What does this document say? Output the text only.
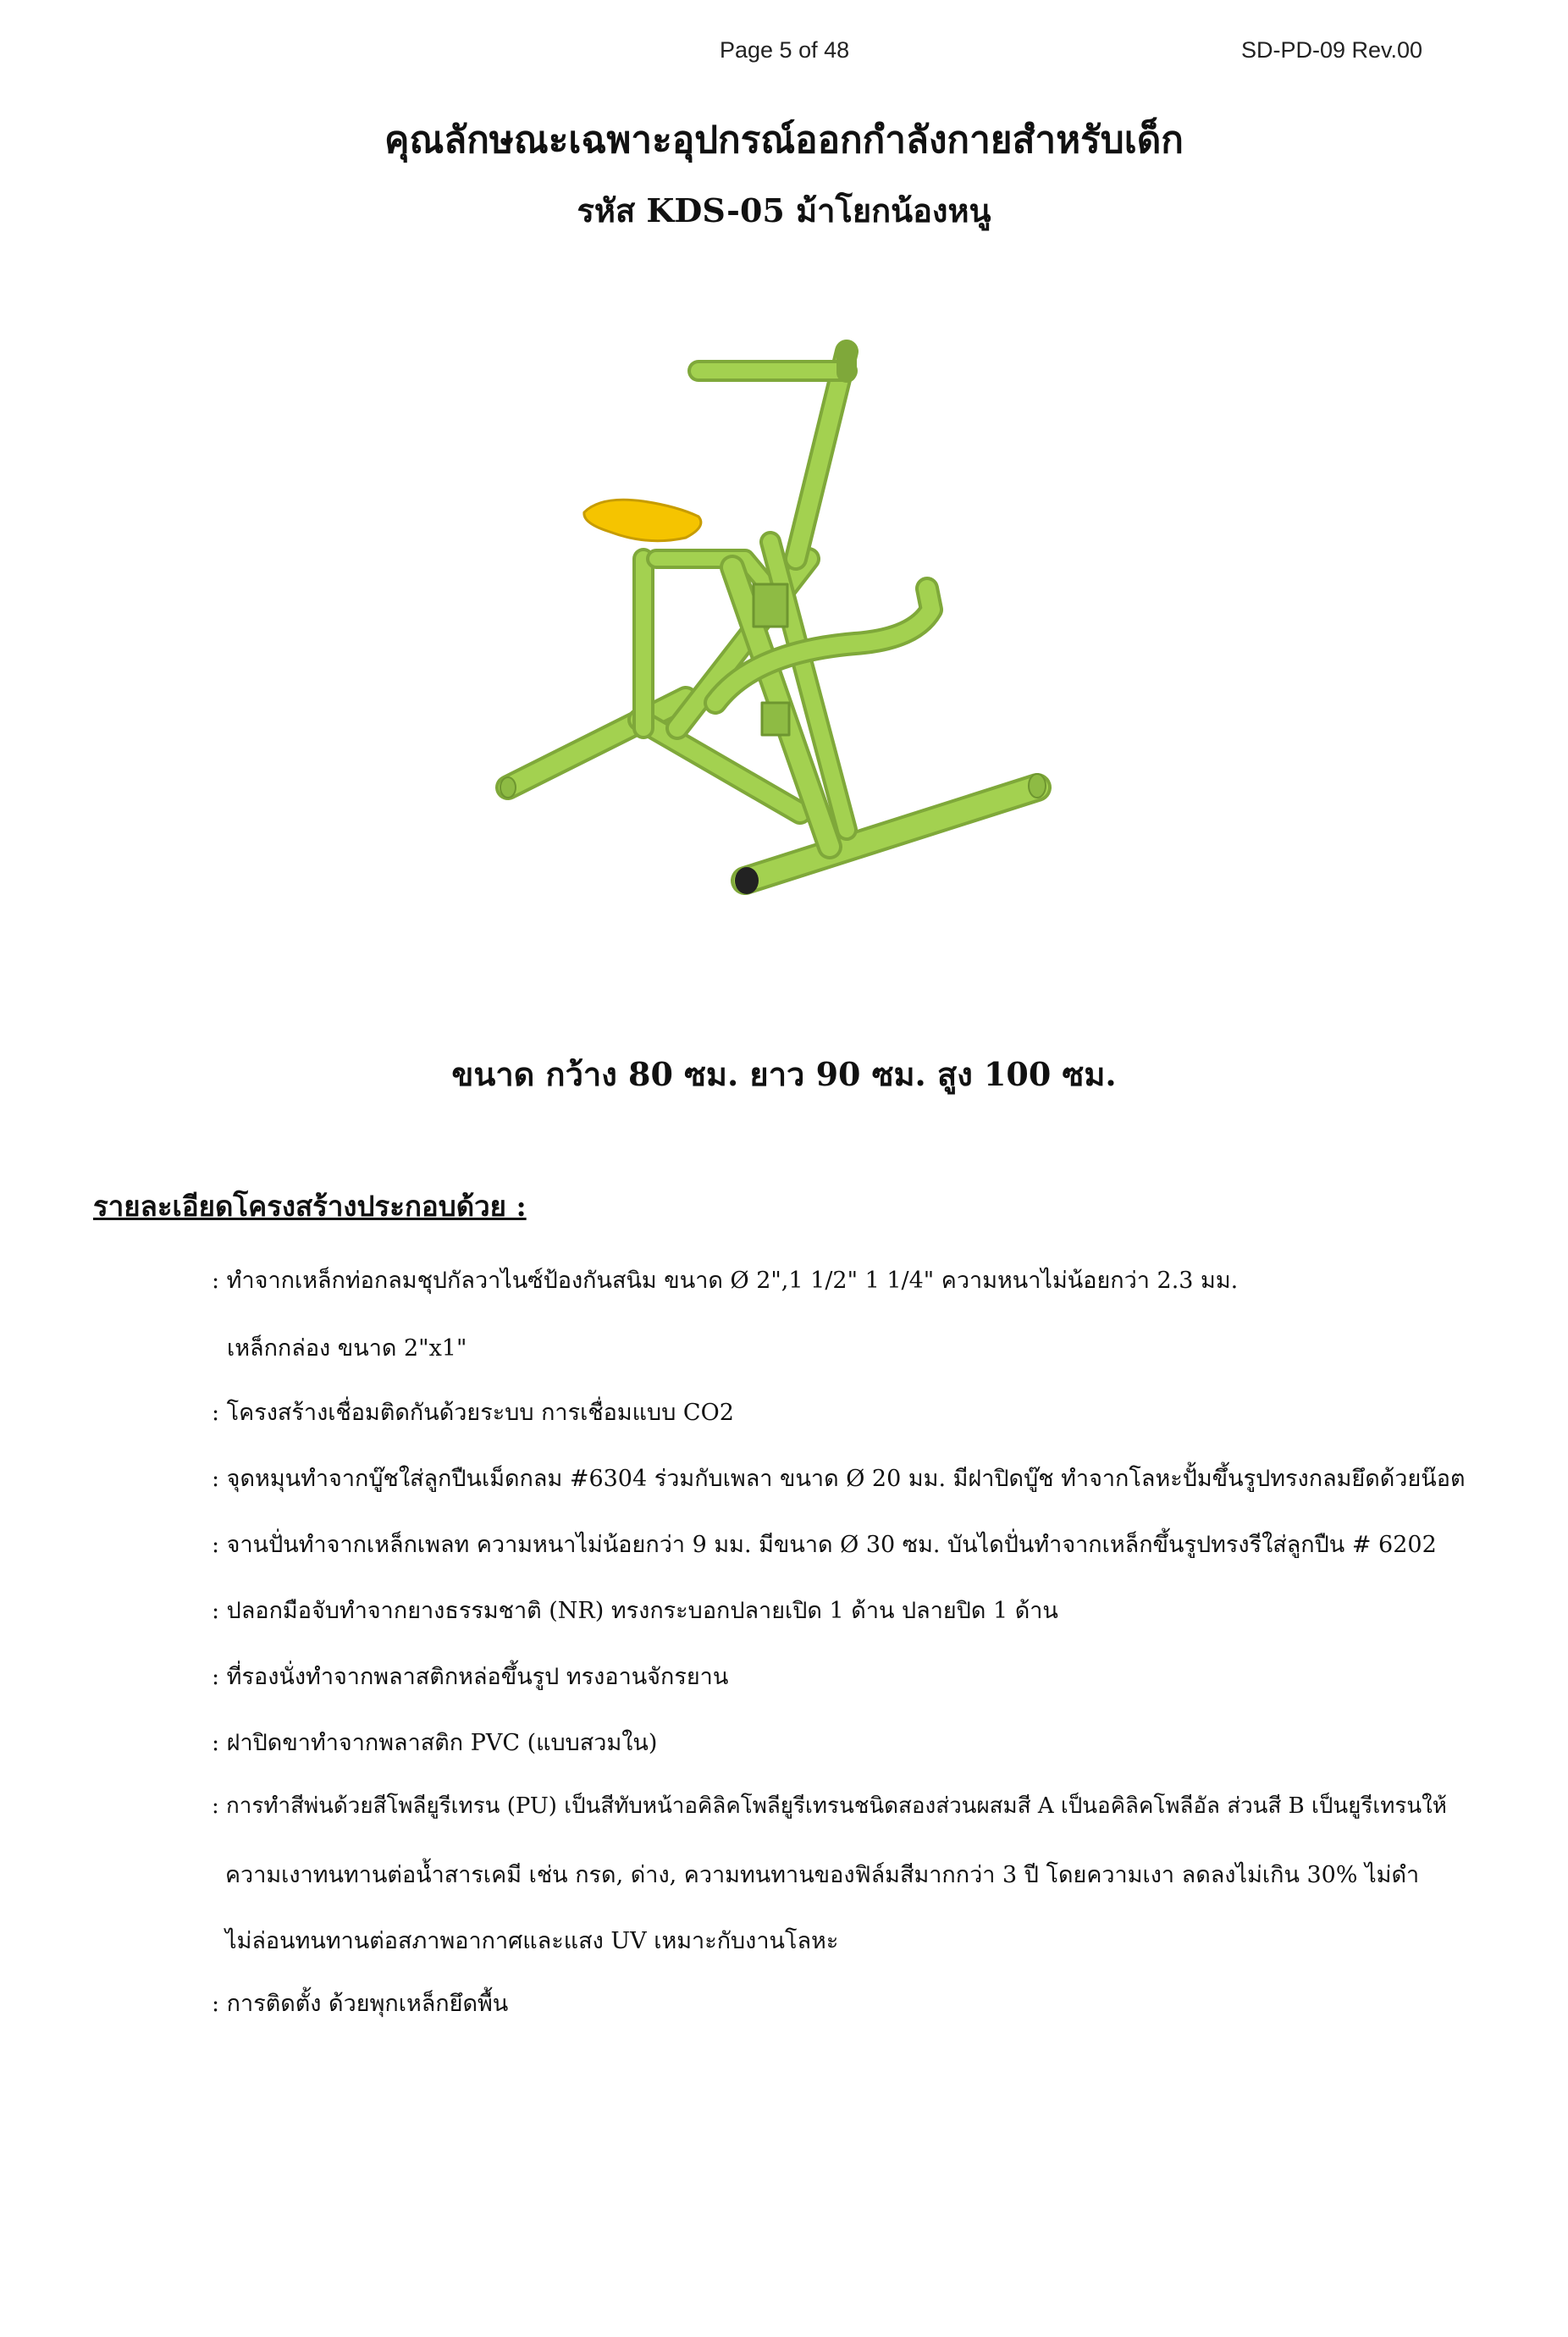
Page 5 of 48	SD-PD-09 Rev.00
คุณลักษณะเฉพาะอุปกรณ์ออกกำลังกายสำหรับเด็ก
รหัส KDS-05 ม้าโยกน้องหนู
ขนาด กว้าง 80 ซม. ยาว 90 ซม. สูง 100 ซม.
รายละเอียดโครงสร้างประกอบด้วย :
: ทำจากเหล็กท่อกลมชุปกัลวาไนซ์ป้องกันสนิม ขนาด Ø 2",1 1/2" 1 1/4" ความหนาไม่น้อยกว่า 2.3 มม.
เหล็กกล่อง ขนาด 2"x1"
: โครงสร้างเชื่อมติดกันด้วยระบบ การเชื่อมแบบ CO2
: จุดหมุนทำจากบู๊ชใส่ลูกปืนเม็ดกลม #6304 ร่วมกับเพลา ขนาด Ø 20 มม. มีฝาปิดบู๊ช ทำจากโลหะปั้มขึ้นรูปทรงกลมยึดด้วยน๊อต
: จานปั่นทำจากเหล็กเพลท ความหนาไม่น้อยกว่า 9 มม. มีขนาด Ø 30 ซม. บันไดปั่นทำจากเหล็กขึ้นรูปทรงรีใส่ลูกปืน # 6202
: ปลอกมือจับทำจากยางธรรมชาติ (NR) ทรงกระบอกปลายเปิด 1 ด้าน ปลายปิด 1 ด้าน
: ที่รองนั่งทำจากพลาสติกหล่อขึ้นรูป ทรงอานจักรยาน
: ฝาปิดขาทำจากพลาสติก PVC (แบบสวมใน)
: การทำสีพ่นด้วยสีโพลียูรีเทรน (PU) เป็นสีทับหน้าอคิลิคโพลียูรีเทรนชนิดสองส่วนผสมสี A เป็นอคิลิคโพลีอัล ส่วนสี B เป็นยูรีเทรนให้
ความเงาทนทานต่อน้ำสารเคมี เช่น กรด, ด่าง, ความทนทานของฟิล์มสีมากกว่า 3 ปี โดยความเงา ลดลงไม่เกิน 30% ไม่ดำ
ไม่ล่อนทนทานต่อสภาพอากาศและแสง UV เหมาะกับงานโลหะ
: การติดตั้ง ด้วยพุกเหล็กยึดพื้น
